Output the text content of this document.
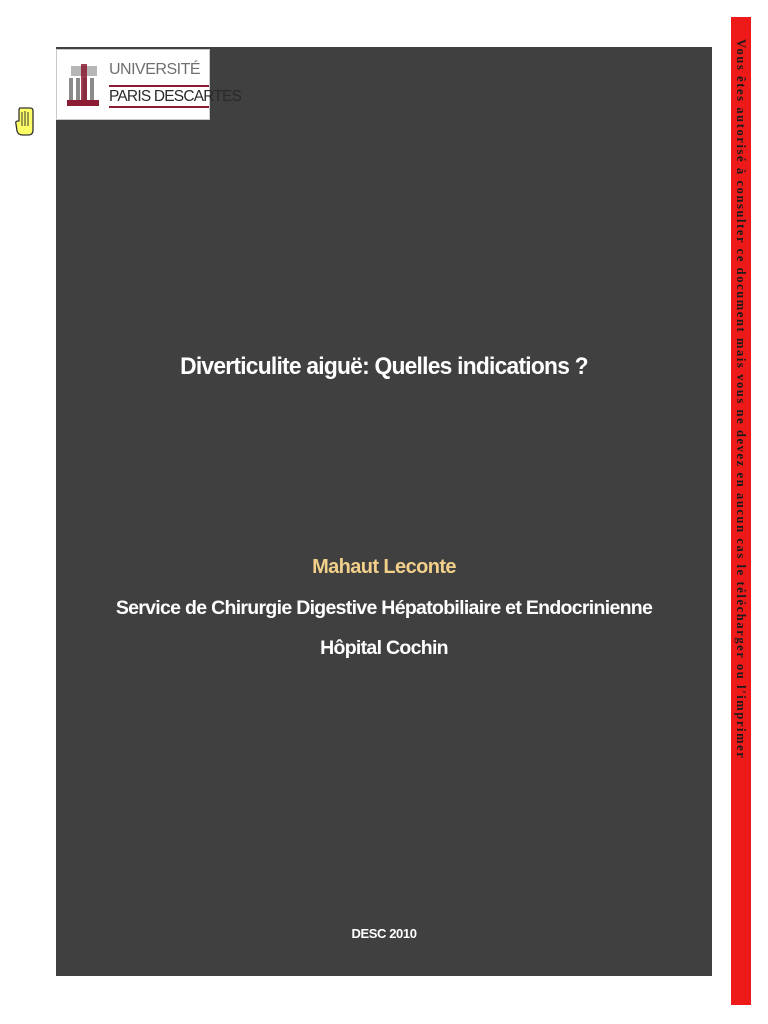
UNIVERSITÉ
PARIS DESCARTES
Diverticulite aiguë: Quelles indications ?
Mahaut Leconte
Service de Chirurgie Digestive Hépatobiliaire et Endocrinienne
Hôpital Cochin
DESC 2010
Vous êtes autorisé à consulter ce document mais vous ne devez en aucun cas le télécharger ou l'imprimer
